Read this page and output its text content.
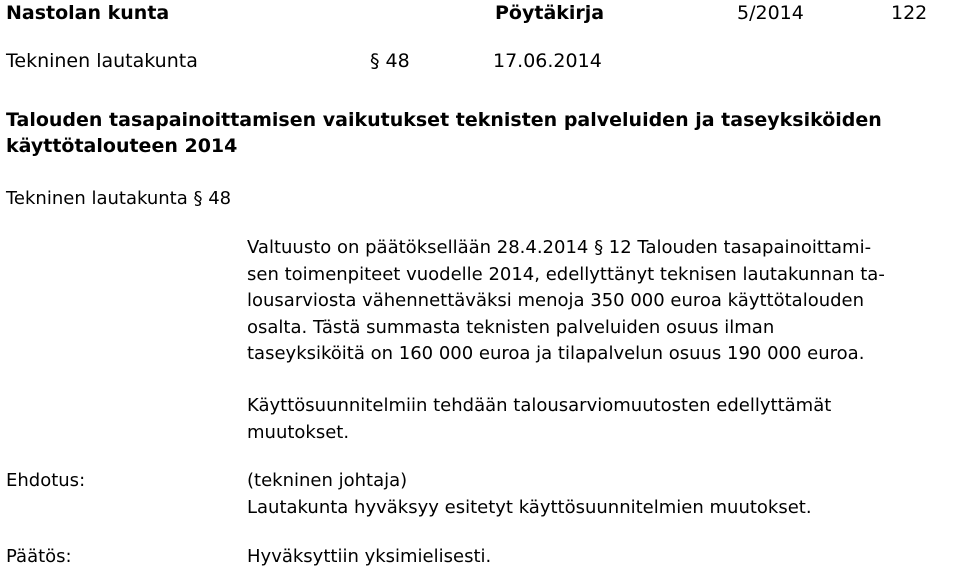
Nastolan kunta	Pöytäkirja	5/2014	122
Tekninen lautakunta	§ 48	17.06.2014
Talouden tasapainoittamisen vaikutukset teknisten palveluiden ja taseyksiköiden
käyttötalouteen 2014
Tekninen lautakunta § 48
Valtuusto on päätöksellään 28.4.2014 § 12 Talouden tasapainoittami-
sen toimenpiteet vuodelle 2014, edellyttänyt teknisen lautakunnan ta-
lousarviosta vähennettäväksi menoja 350 000 euroa käyttötalouden
osalta. Tästä summasta teknisten palveluiden osuus ilman
taseyksiköitä on 160 000 euroa ja tilapalvelun osuus 190 000 euroa.
Käyttösuunnitelmiin tehdään talousarviomuutosten edellyttämät
muutokset.
Ehdotus:	(tekninen johtaja)
Lautakunta hyväksyy esitetyt käyttösuunnitelmien muutokset.
Päätös:	Hyväksyttiin yksimielisesti.
